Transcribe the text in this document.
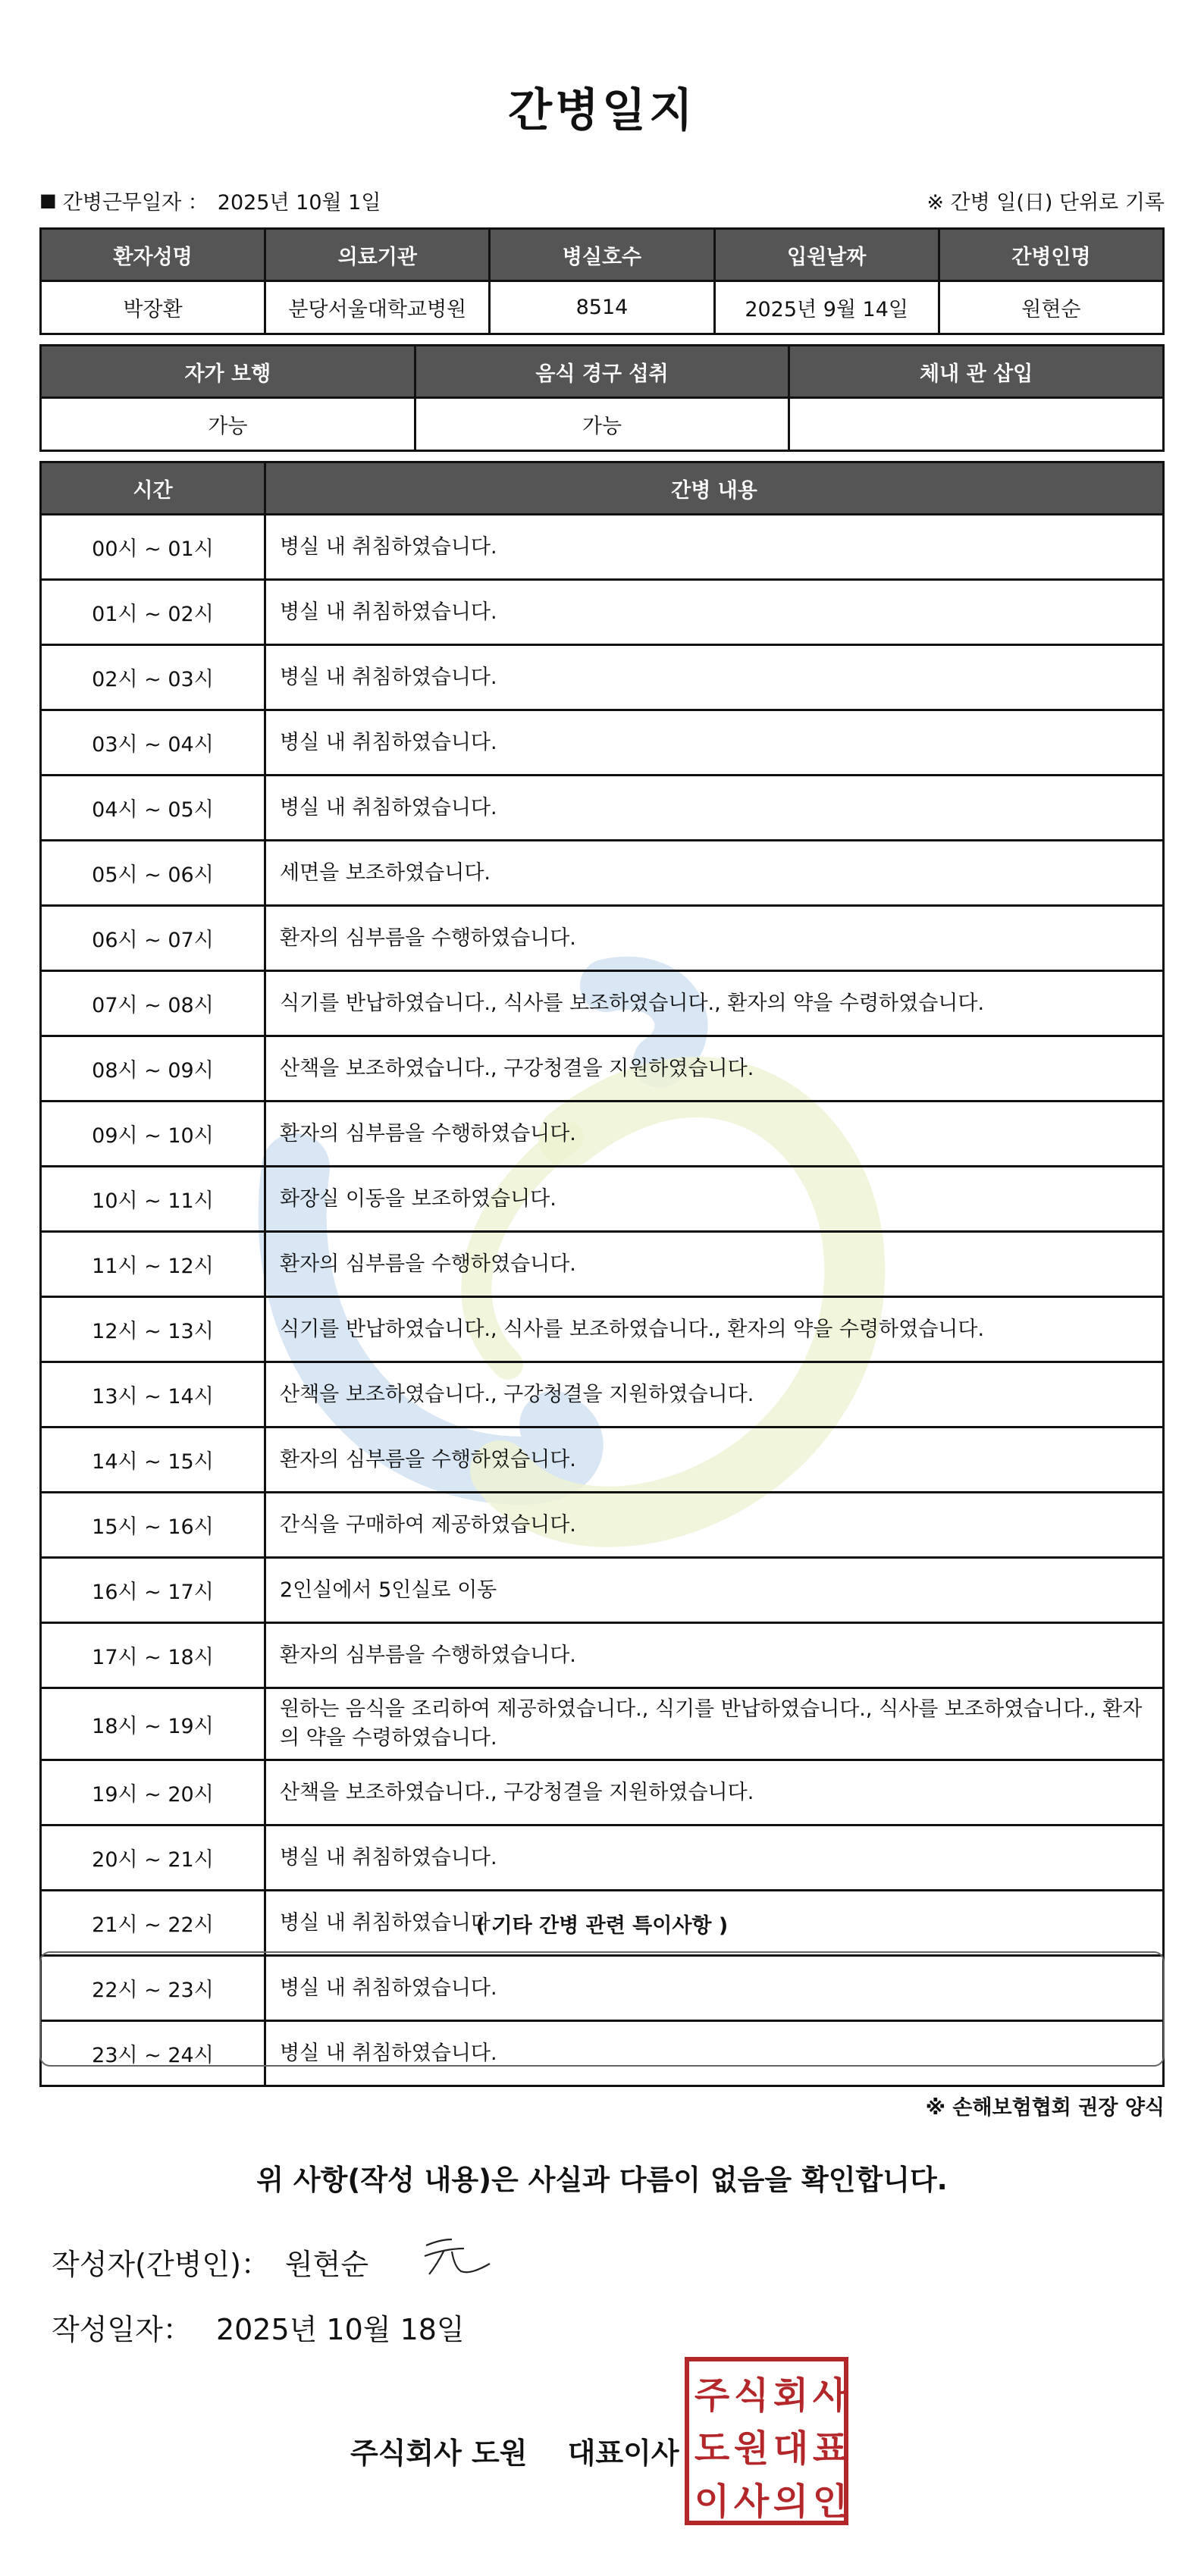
간병일지
■ 간병근무일자 ： 2025년 10월 1일	※ 간병 일(日) 단위로 기록
환자성명	의료기관	병실호수	입원날짜	간병인명
박장환	분당서울대학교병원	8514	2025년 9월 14일	원현순
자가 보행	음식 경구 섭취	체내 관 삽입
가능	가능	
시간	간병 내용
00시 ~ 01시	병실 내 취침하였습니다.
01시 ~ 02시	병실 내 취침하였습니다.
02시 ~ 03시	병실 내 취침하였습니다.
03시 ~ 04시	병실 내 취침하였습니다.
04시 ~ 05시	병실 내 취침하였습니다.
05시 ~ 06시	세면을 보조하였습니다.
06시 ~ 07시	환자의 심부름을 수행하였습니다.
07시 ~ 08시	식기를 반납하였습니다., 식사를 보조하였습니다., 환자의 약을 수령하였습니다.
08시 ~ 09시	산책을 보조하였습니다., 구강청결을 지원하였습니다.
09시 ~ 10시	환자의 심부름을 수행하였습니다.
10시 ~ 11시	화장실 이동을 보조하였습니다.
11시 ~ 12시	환자의 심부름을 수행하였습니다.
12시 ~ 13시	식기를 반납하였습니다., 식사를 보조하였습니다., 환자의 약을 수령하였습니다.
13시 ~ 14시	산책을 보조하였습니다., 구강청결을 지원하였습니다.
14시 ~ 15시	환자의 심부름을 수행하였습니다.
15시 ~ 16시	간식을 구매하여 제공하였습니다.
16시 ~ 17시	2인실에서 5인실로 이동
17시 ~ 18시	환자의 심부름을 수행하였습니다.
18시 ~ 19시	원하는 음식을 조리하여 제공하였습니다., 식기를 반납하였습니다., 식사를 보조하였습니다., 환자의 약을 수령하였습니다.
19시 ~ 20시	산책을 보조하였습니다., 구강청결을 지원하였습니다.
20시 ~ 21시	병실 내 취침하였습니다.
21시 ~ 22시	병실 내 취침하였습니다.
22시 ~ 23시	병실 내 취침하였습니다.
23시 ~ 24시	병실 내 취침하였습니다.
( 기타 간병 관련 특이사항 )
※ 손해보험협회 권장 양식
위 사항(작성 내용)은 사실과 다름이 없음을 확인합니다.
작성자(간병인)： 원현순
작성일자： 2025년 10월 18일
주식회사 도원 대표이사
주 식 회 사
도 원 대 표
이 사 의 인
